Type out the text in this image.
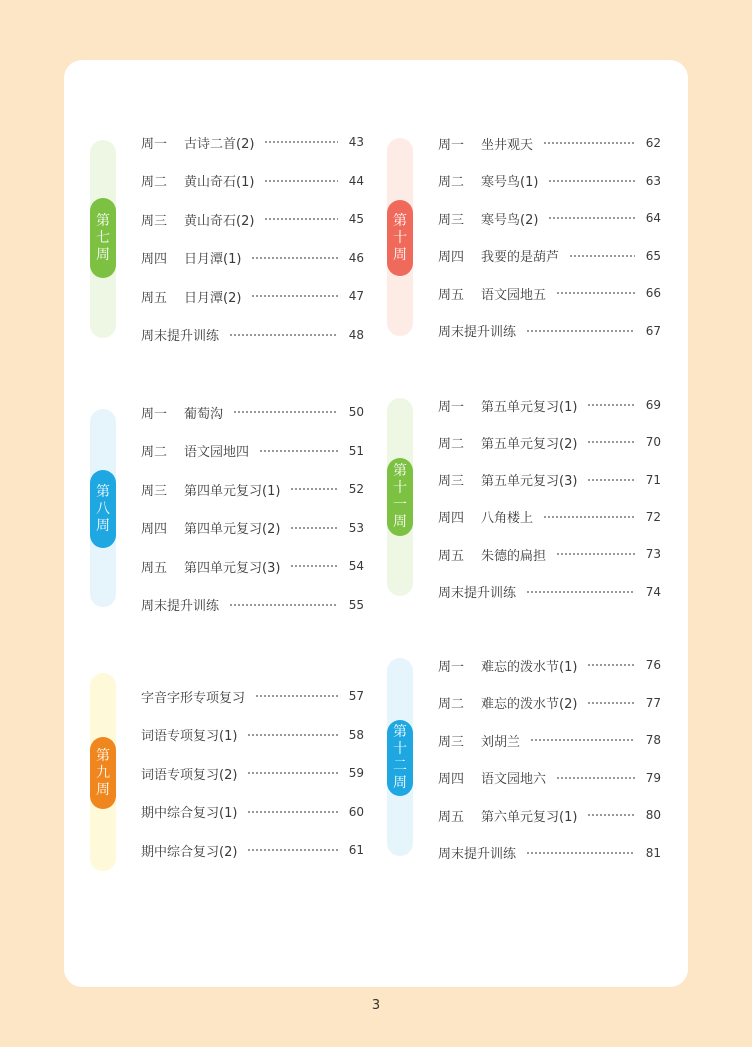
第
七
周
周一	古诗二首(2)	43
周二	黄山奇石(1)	44
周三	黄山奇石(2)	45
周四	日月潭(1)	46
周五	日月潭(2)	47
周末提升训练	48
第
八
周
周一	葡萄沟	50
周二	语文园地四	51
周三	第四单元复习(1)	52
周四	第四单元复习(2)	53
周五	第四单元复习(3)	54
周末提升训练	55
第
九
周
字音字形专项复习	57
词语专项复习(1)	58
词语专项复习(2)	59
期中综合复习(1)	60
期中综合复习(2)	61
第
十
周
周一	坐井观天	62
周二	寒号鸟(1)	63
周三	寒号鸟(2)	64
周四	我要的是葫芦	65
周五	语文园地五	66
周末提升训练	67
第
十
一
周
周一	第五单元复习(1)	69
周二	第五单元复习(2)	70
周三	第五单元复习(3)	71
周四	八角楼上	72
周五	朱德的扁担	73
周末提升训练	74
第
十
二
周
周一	难忘的泼水节(1)	76
周二	难忘的泼水节(2)	77
周三	刘胡兰	78
周四	语文园地六	79
周五	第六单元复习(1)	80
周末提升训练	81
3
